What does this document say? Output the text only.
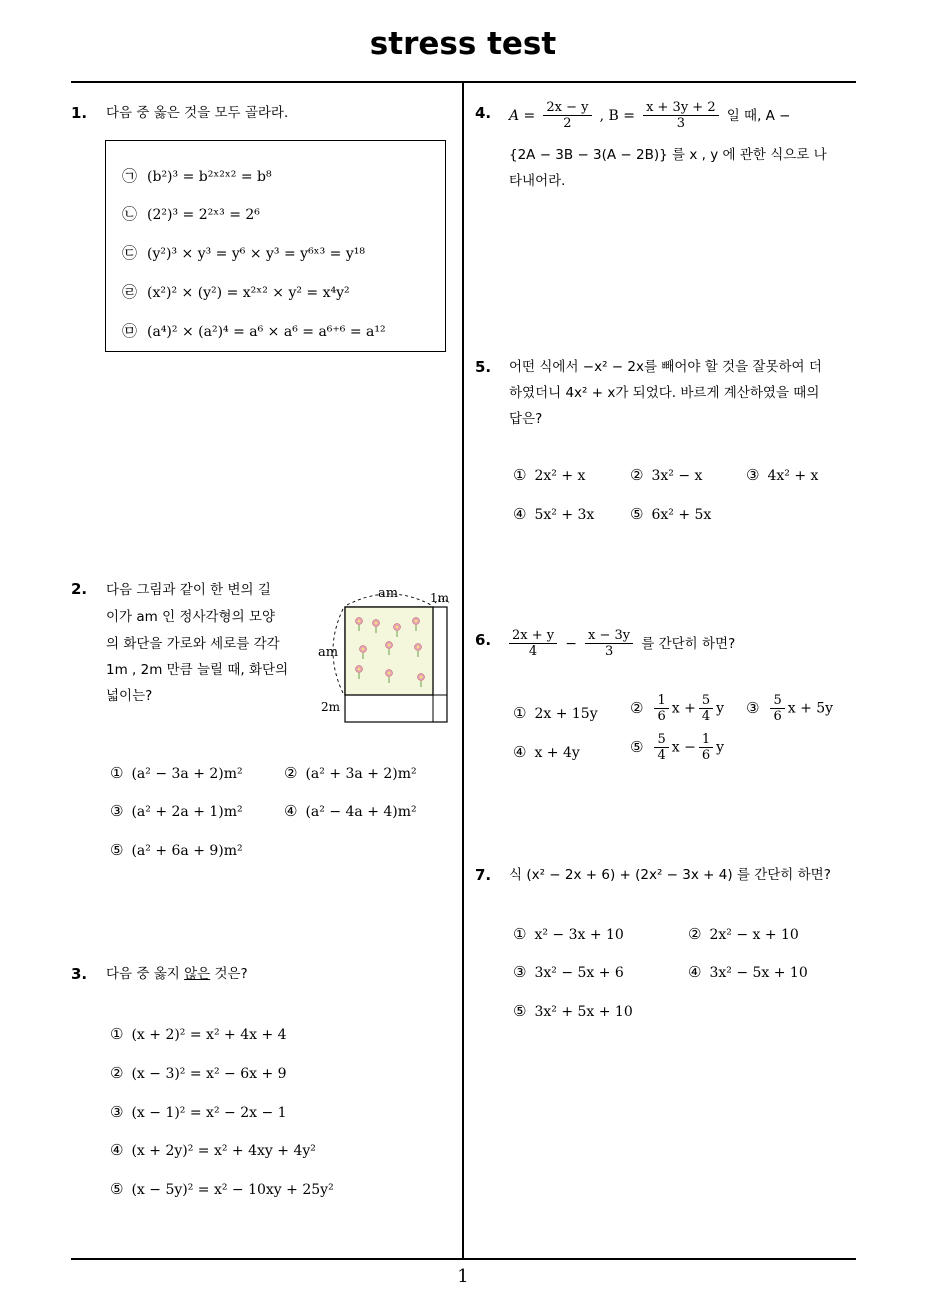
stress test
1
1. 다음 중 옳은 것을 모두 골라라.
㉠ (b²)³ = b²ˣ²ˣ² = b⁸
㉡ (2²)³ = 2²ˣ³ = 2⁶
㉢ (y²)³ × y³ = y⁶ × y³ = y⁶ˣ³ = y¹⁸
㉣ (x²)² × (y²) = x²ˣ² × y² = x⁴y²
㉤ (a⁴)² × (a²)⁴ = a⁶ × a⁶ = a⁶⁺⁶ = a¹²
2. 다음 그림과 같이 한 변의 길
이가 am 인 정사각형의 모양
의 화단을 가로와 세로를 각각
1m , 2m 만큼 늘릴 때, 화단의
넓이는?
am	1m
am
2m
① (a² − 3a + 2)m²	② (a² + 3a + 2)m²
③ (a² + 2a + 1)m²	④ (a² − 4a + 4)m²
⑤ (a² + 6a + 9)m²
3. 다음 중 옳지 않은 것은?
① (x + 2)² = x² + 4x + 4
② (x − 3)² = x² − 6x + 9
③ (x − 1)² = x² − 2x − 1
④ (x + 2y)² = x² + 4xy + 4y²
⑤ (x − 5y)² = x² − 10xy + 25y²
4. $A = \frac{2x - y}{2}$ , $B = \frac{x + 3y + 2}{3}$ 일 때, A −
{2A − 3B − 3(A − 2B)} 를 x , y 에 관한 식으로 나
타내어라.
5. 어떤 식에서 −x² − 2x를 빼어야 할 것을 잘못하여 더
하였더니 4x² + x가 되었다. 바르게 계산하였을 때의
답은?
① 2x² + x	② 3x² − x	③ 4x² + x
④ 5x² + 3x ⑤ 6x² + 5x
6. $\frac{2x + y}{4} - \frac{x - 3y}{3}$ 를 간단히 하면?
① 2x + 15y ② $\frac{1}{6}$ $x + \frac{5}{4}$ y ③ $\frac{5}{6}$ x + 5y
④ x + 4y	⑤ $\frac{5}{4}$ $x - \frac{1}{6}$ y
7. 식 (x² − 2x + 6) + (2x² − 3x + 4) 를 간단히 하면?
① x² − 3x + 10	② 2x² − x + 10
③ 3x² − 5x + 6	④ 3x² − 5x + 10
⑤ 3x² + 5x + 10
